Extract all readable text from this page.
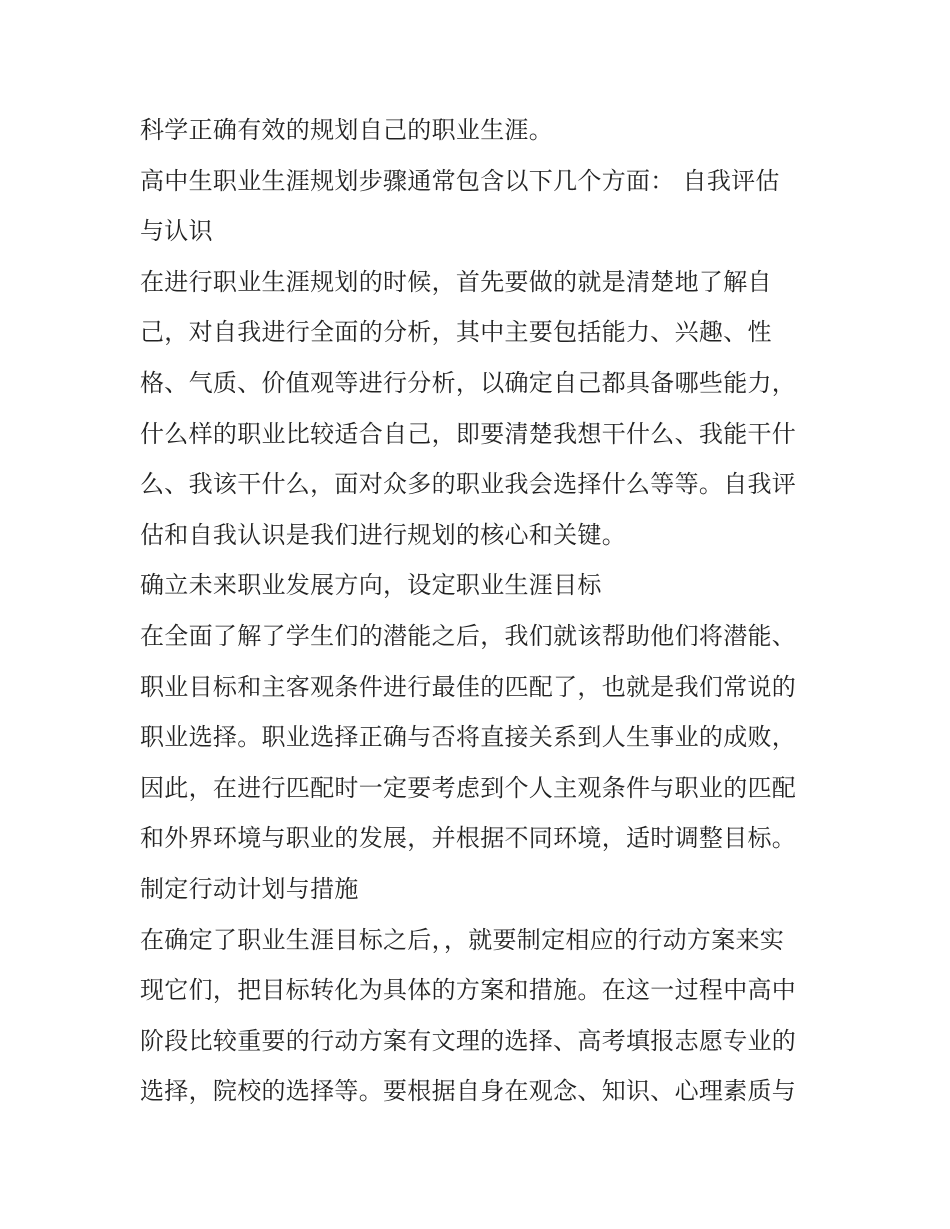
科学正确有效的规划自己的职业生涯。
高中生职业生涯规划步骤通常包含以下几个方面： 自我评估
与认识
在进行职业生涯规划的时候，首先要做的就是清楚地了解自
己，对自我进行全面的分析，其中主要包括能力、兴趣、性
格、气质、价值观等进行分析，以确定自己都具备哪些能力，
什么样的职业比较适合自己，即要清楚我想干什么、我能干什
么、我该干什么，面对众多的职业我会选择什么等等。自我评
估和自我认识是我们进行规划的核心和关键。
确立未来职业发展方向，设定职业生涯目标
在全面了解了学生们的潜能之后，我们就该帮助他们将潜能、
职业目标和主客观条件进行最佳的匹配了，也就是我们常说的
职业选择。职业选择正确与否将直接关系到人生事业的成败，
因此，在进行匹配时一定要考虑到个人主观条件与职业的匹配
和外界环境与职业的发展，并根据不同环境，适时调整目标。
制定行动计划与措施
在确定了职业生涯目标之后，，就要制定相应的行动方案来实
现它们，把目标转化为具体的方案和措施。在这一过程中高中
阶段比较重要的行动方案有文理的选择、高考填报志愿专业的
选择，院校的选择等。要根据自身在观念、知识、心理素质与
